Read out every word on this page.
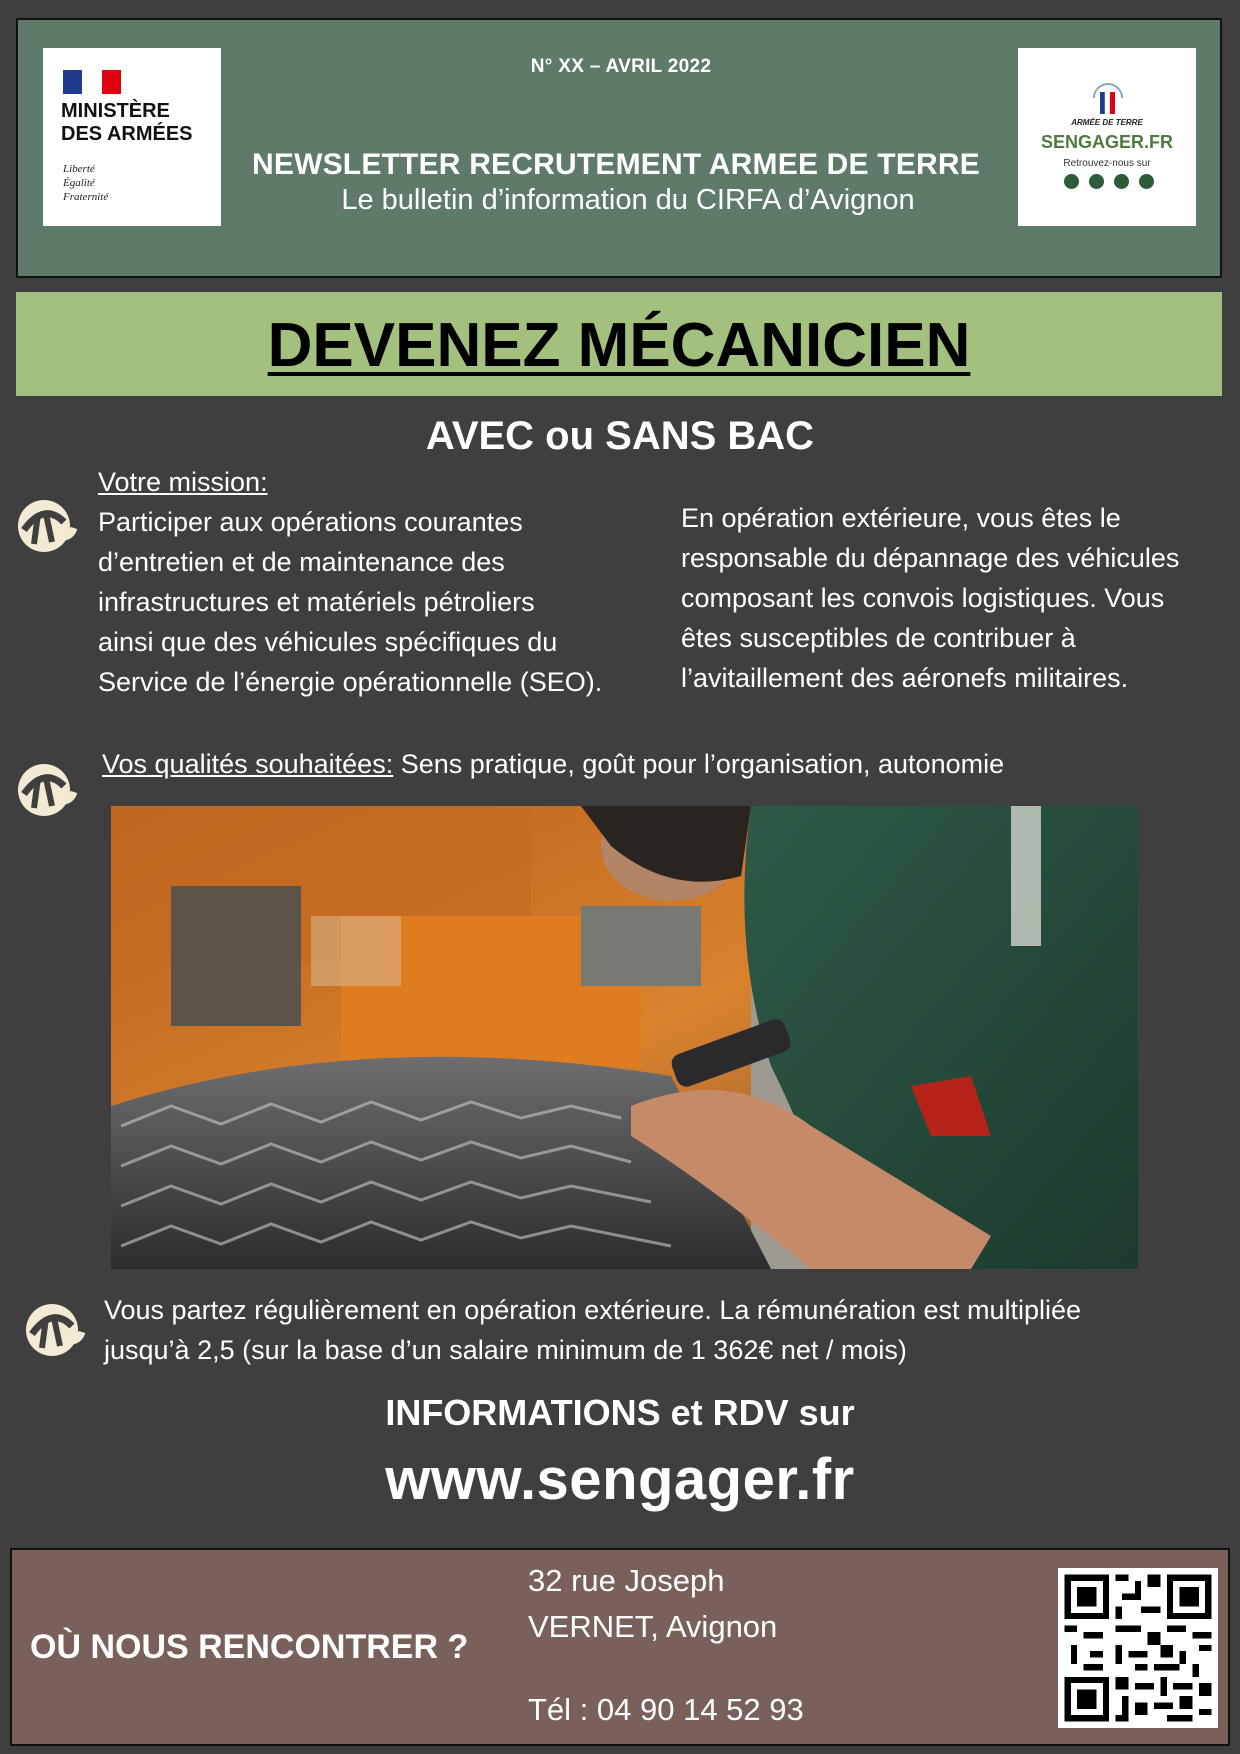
MINISTÈRE
DES ARMÉES
Liberté
Égalité
Fraternité
N° XX – AVRIL 2022
NEWSLETTER RECRUTEMENT ARMEE DE TERRE
Le bulletin d’information du CIRFA d’Avignon
ARMÉE DE TERRE
SENGAGER.FR
Retrouvez-nous sur
DEVENEZ MÉCANICIEN
AVEC ou SANS BAC
Votre mission:
Participer aux opérations courantes
d’entretien et de maintenance des
infrastructures et matériels pétroliers
ainsi que des véhicules spécifiques du
Service de l’énergie opérationnelle (SEO).
En opération extérieure, vous êtes le
responsable du dépannage des véhicules
composant les convois logistiques. Vous
êtes susceptibles de contribuer à
l’avitaillement des aéronefs militaires.
Vos qualités souhaitées: Sens pratique, goût pour l’organisation, autonomie
Vous partez régulièrement en opération extérieure. La rémunération est multipliée
jusqu’à 2,5 (sur la base d’un salaire minimum de 1 362€ net / mois)
INFORMATIONS et RDV sur
www.sengager.fr
OÙ NOUS RENCONTRER ?
32 rue Joseph
VERNET, Avignon
Tél : 04 90 14 52 93
